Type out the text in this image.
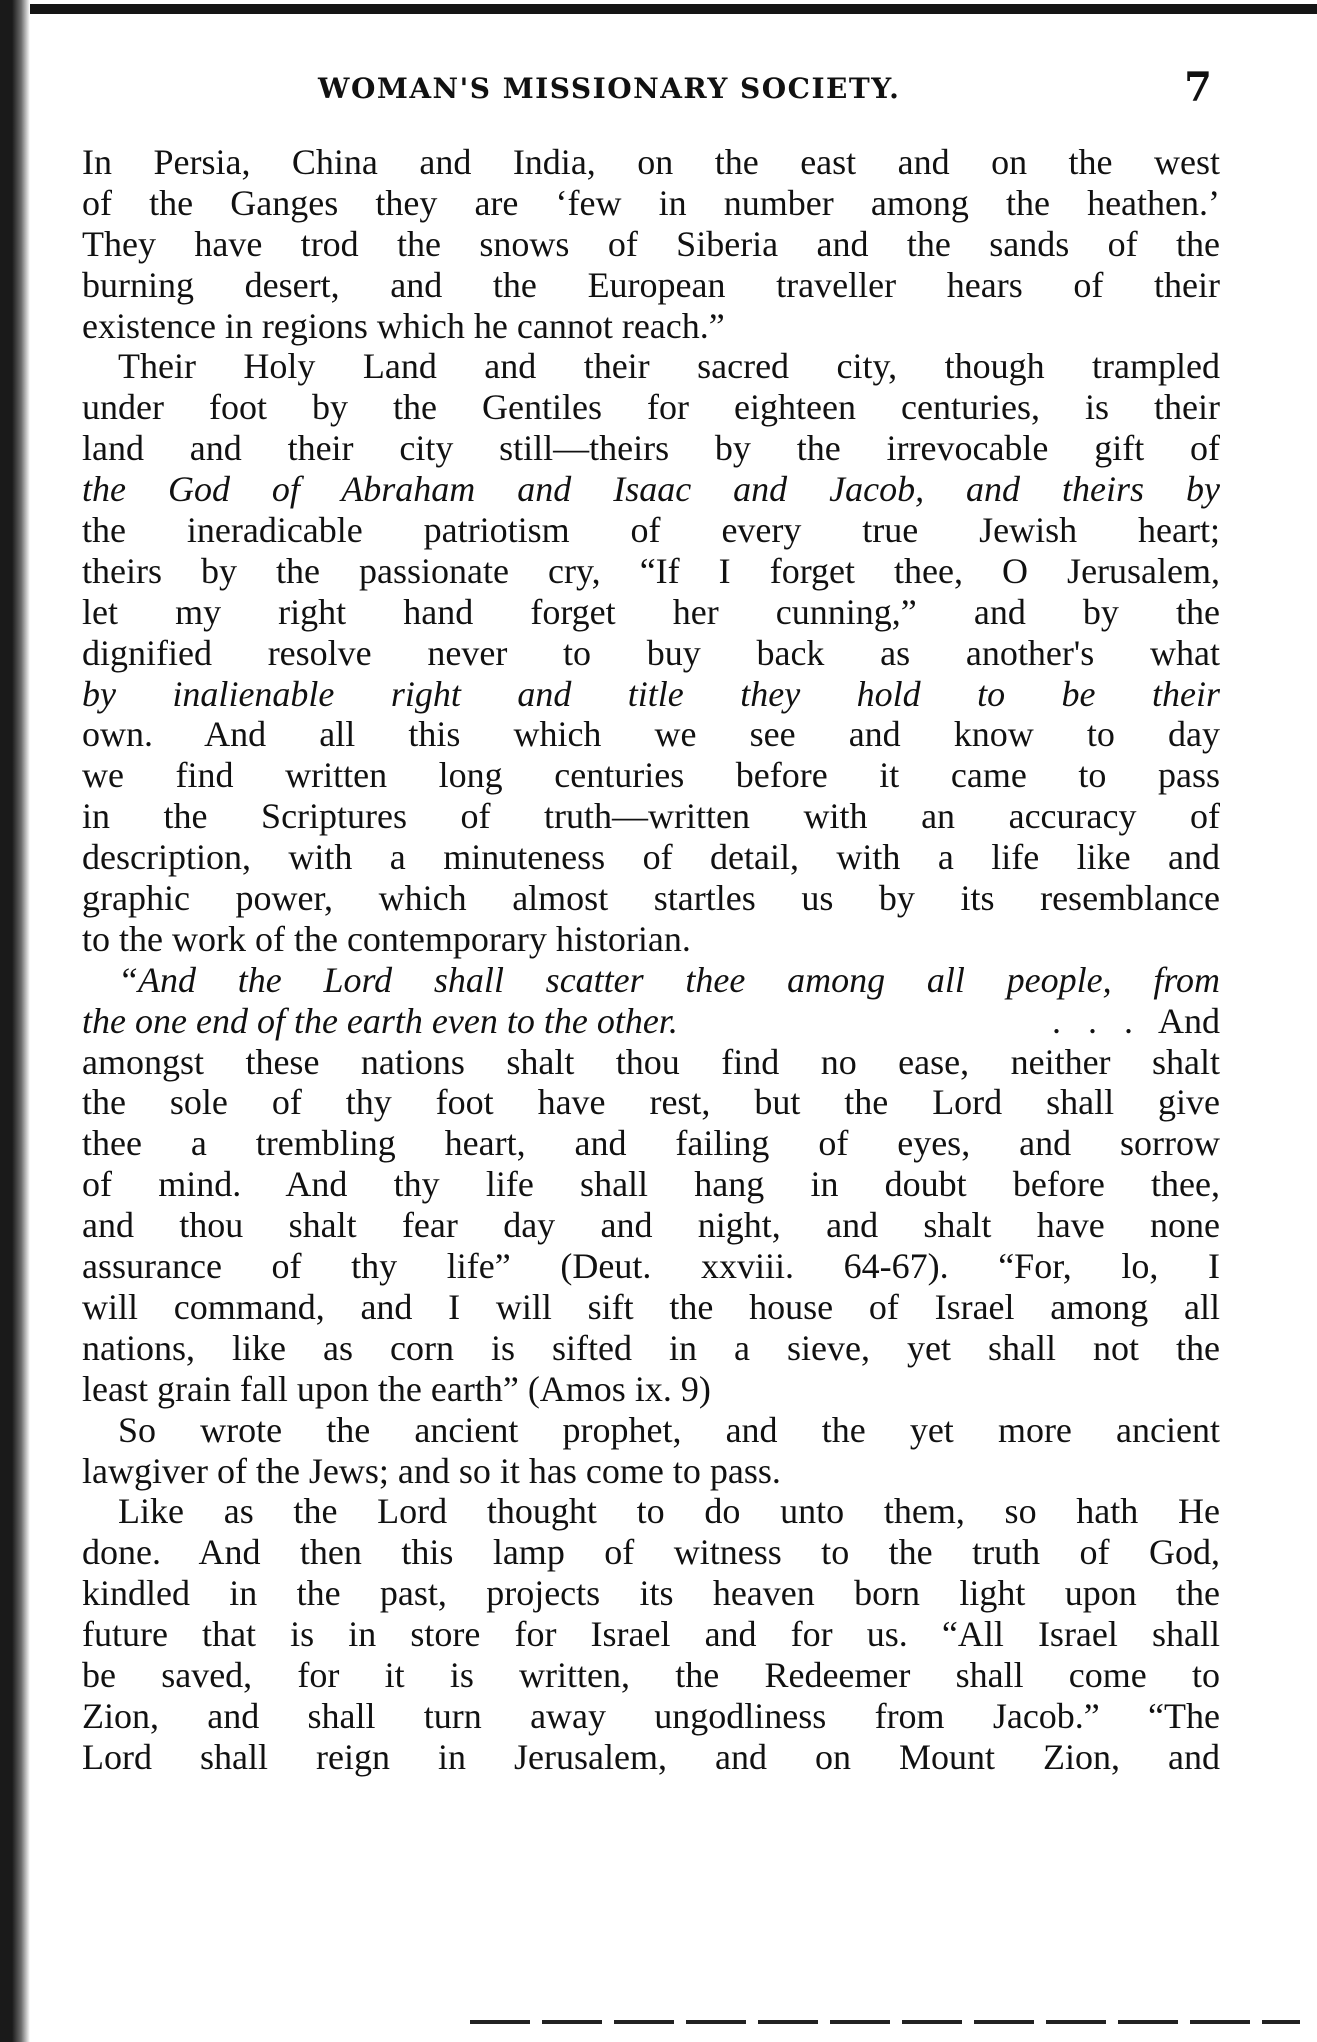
WOMAN'S MISSIONARY SOCIETY.	7
In Persia, China and India, on the east and on the west
of the Ganges they are ‘few in number among the heathen.’
They have trod the snows of Siberia and the sands of the
burning desert, and the European traveller hears of their
existence in regions which he cannot reach.”
Their Holy Land and their sacred city, though trampled
under foot by the Gentiles for eighteen centuries, is their
land and their city still—theirs by the irrevocable gift of
the God of Abraham and Isaac and Jacob, and theirs by
the ineradicable patriotism of every true Jewish heart;
theirs by the passionate cry, “If I forget thee, O Jerusalem,
let my right hand forget her cunning,” and by the
dignified resolve never to buy back as another's what
by inalienable right and title they hold to be their
own. And all this which we see and know to day
we find written long centuries before it came to pass
in the Scriptures of truth—written with an accuracy of
description, with a minuteness of detail, with a life like and
graphic power, which almost startles us by its resemblance
to the work of the contemporary historian.
“And the Lord shall scatter thee among all people, from
the one end of the earth even to the other.	. . . And
amongst these nations shalt thou find no ease, neither shalt
the sole of thy foot have rest, but the Lord shall give
thee a trembling heart, and failing of eyes, and sorrow
of mind. And thy life shall hang in doubt before thee,
and thou shalt fear day and night, and shalt have none
assurance of thy life” (Deut. xxviii. 64-67). “For, lo, I
will command, and I will sift the house of Israel among all
nations, like as corn is sifted in a sieve, yet shall not the
least grain fall upon the earth” (Amos ix. 9)
So wrote the ancient prophet, and the yet more ancient
lawgiver of the Jews; and so it has come to pass.
Like as the Lord thought to do unto them, so hath He
done. And then this lamp of witness to the truth of God,
kindled in the past, projects its heaven born light upon the
future that is in store for Israel and for us. “All Israel shall
be saved, for it is written, the Redeemer shall come to
Zion, and shall turn away ungodliness from Jacob.” “The
Lord shall reign in Jerusalem, and on Mount Zion, and
